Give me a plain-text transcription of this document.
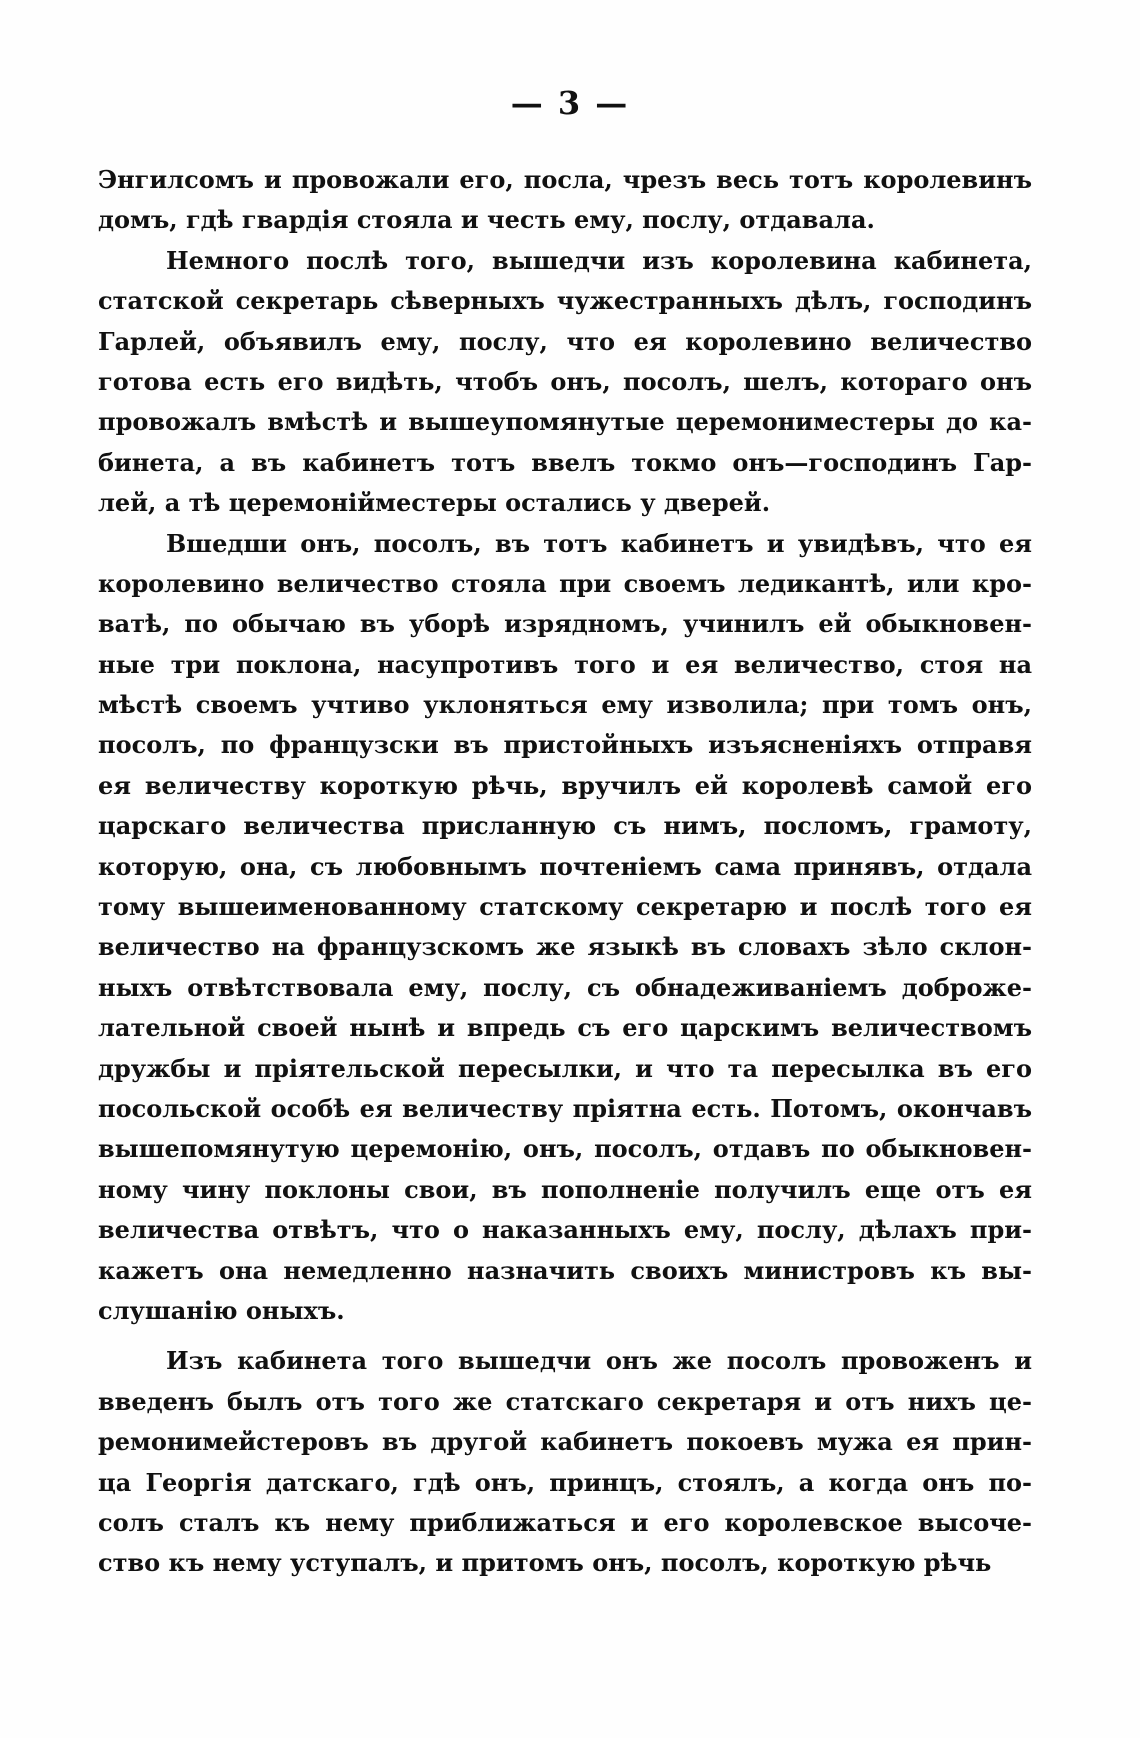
— 3 —
Энгилсомъ и провожали его, посла, чрезъ весь тотъ королевинъ
домъ, гдѣ гвардія стояла и честь ему, послу, отдавала.
Немного послѣ того, вышедчи изъ королевина кабинета,
статской секретарь сѣверныхъ чужестранныхъ дѣлъ, господинъ
Гарлей, объявилъ ему, послу, что ея королевино величество
готова есть его видѣть, чтобъ онъ, посолъ, шелъ, котораго онъ
провожалъ вмѣстѣ и вышеупомянутые церемониместеры до ка-
бинета, а въ кабинетъ тотъ ввелъ токмо онъ—господинъ Гар-
лей, а тѣ церемонійместеры остались у дверей.
Вшедши онъ, посолъ, въ тотъ кабинетъ и увидѣвъ, что ея
королевино величество стояла при своемъ ледикантѣ, или кро-
ватѣ, по обычаю въ уборѣ изрядномъ, учинилъ ей обыкновен-
ные три поклона, насупротивъ того и ея величество, стоя на
мѣстѣ своемъ учтиво уклоняться ему изволила; при томъ онъ,
посолъ, по французски въ пристойныхъ изъясненіяхъ отправя
ея величеству короткую рѣчь, вручилъ ей королевѣ самой его
царскаго величества присланную съ нимъ, посломъ, грамоту,
которую, она, съ любовнымъ почтеніемъ сама принявъ, отдала
тому вышеименованному статскому секретарю и послѣ того ея
величество на французскомъ же языкѣ въ словахъ зѣло склон-
ныхъ отвѣтствовала ему, послу, съ обнадеживаніемъ доброже-
лательной своей нынѣ и впредь съ его царскимъ величествомъ
дружбы и пріятельской пересылки, и что та пересылка въ его
посольской особѣ ея величеству пріятна есть. Потомъ, окончавъ
вышепомянутую церемонію, онъ, посолъ, отдавъ по обыкновен-
ному чину поклоны свои, въ пополненіе получилъ еще отъ ея
величества отвѣтъ, что о наказанныхъ ему, послу, дѣлахъ при-
кажетъ она немедленно назначить своихъ министровъ къ вы-
слушанію оныхъ.
Изъ кабинета того вышедчи онъ же посолъ провоженъ и
введенъ былъ отъ того же статскаго секретаря и отъ нихъ це-
ремонимейстеровъ въ другой кабинетъ покоевъ мужа ея прин-
ца Георгія датскаго, гдѣ онъ, принцъ, стоялъ, а когда онъ по-
солъ сталъ къ нему приближаться и его королевское высоче-
ство къ нему уступалъ, и притомъ онъ, посолъ, короткую рѣчь
